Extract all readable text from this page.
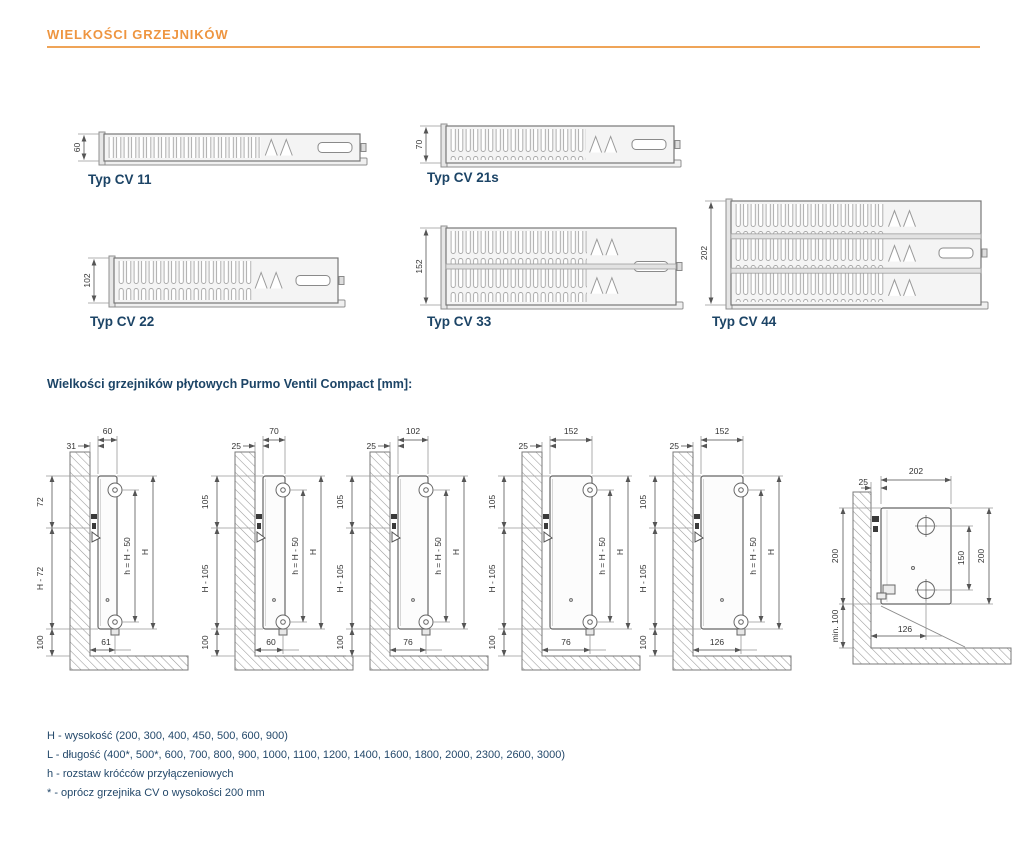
WIELKOŚCI GRZEJNIKÓW
60	70
102
152
202
Typ CV 11	Typ CV 21s
Typ CV 22	Typ CV 33	Typ CV 44
Wielkości grzejników płytowych Purmo Ventil Compact [mm]:
72
H - 72
100
60
31
h = H - 50 H
61
105
H - 105
100
70
25
h = H - 50 H
60
105
H - 105
100
102
25
h = H - 50 H
76
105
H - 105
100
152
25
h = H - 50 H
76
105
H - 105
100
152
25
h = H - 50 H
126
202
25
200
min. 100
150 200
126
H - wysokość (200, 300, 400, 450, 500, 600, 900)
L - długość (400*, 500*, 600, 700, 800, 900, 1000, 1100, 1200, 1400, 1600, 1800, 2000, 2300, 2600, 3000)
h - rozstaw króćców przyłączeniowych
* - oprócz grzejnika CV o wysokości 200 mm
